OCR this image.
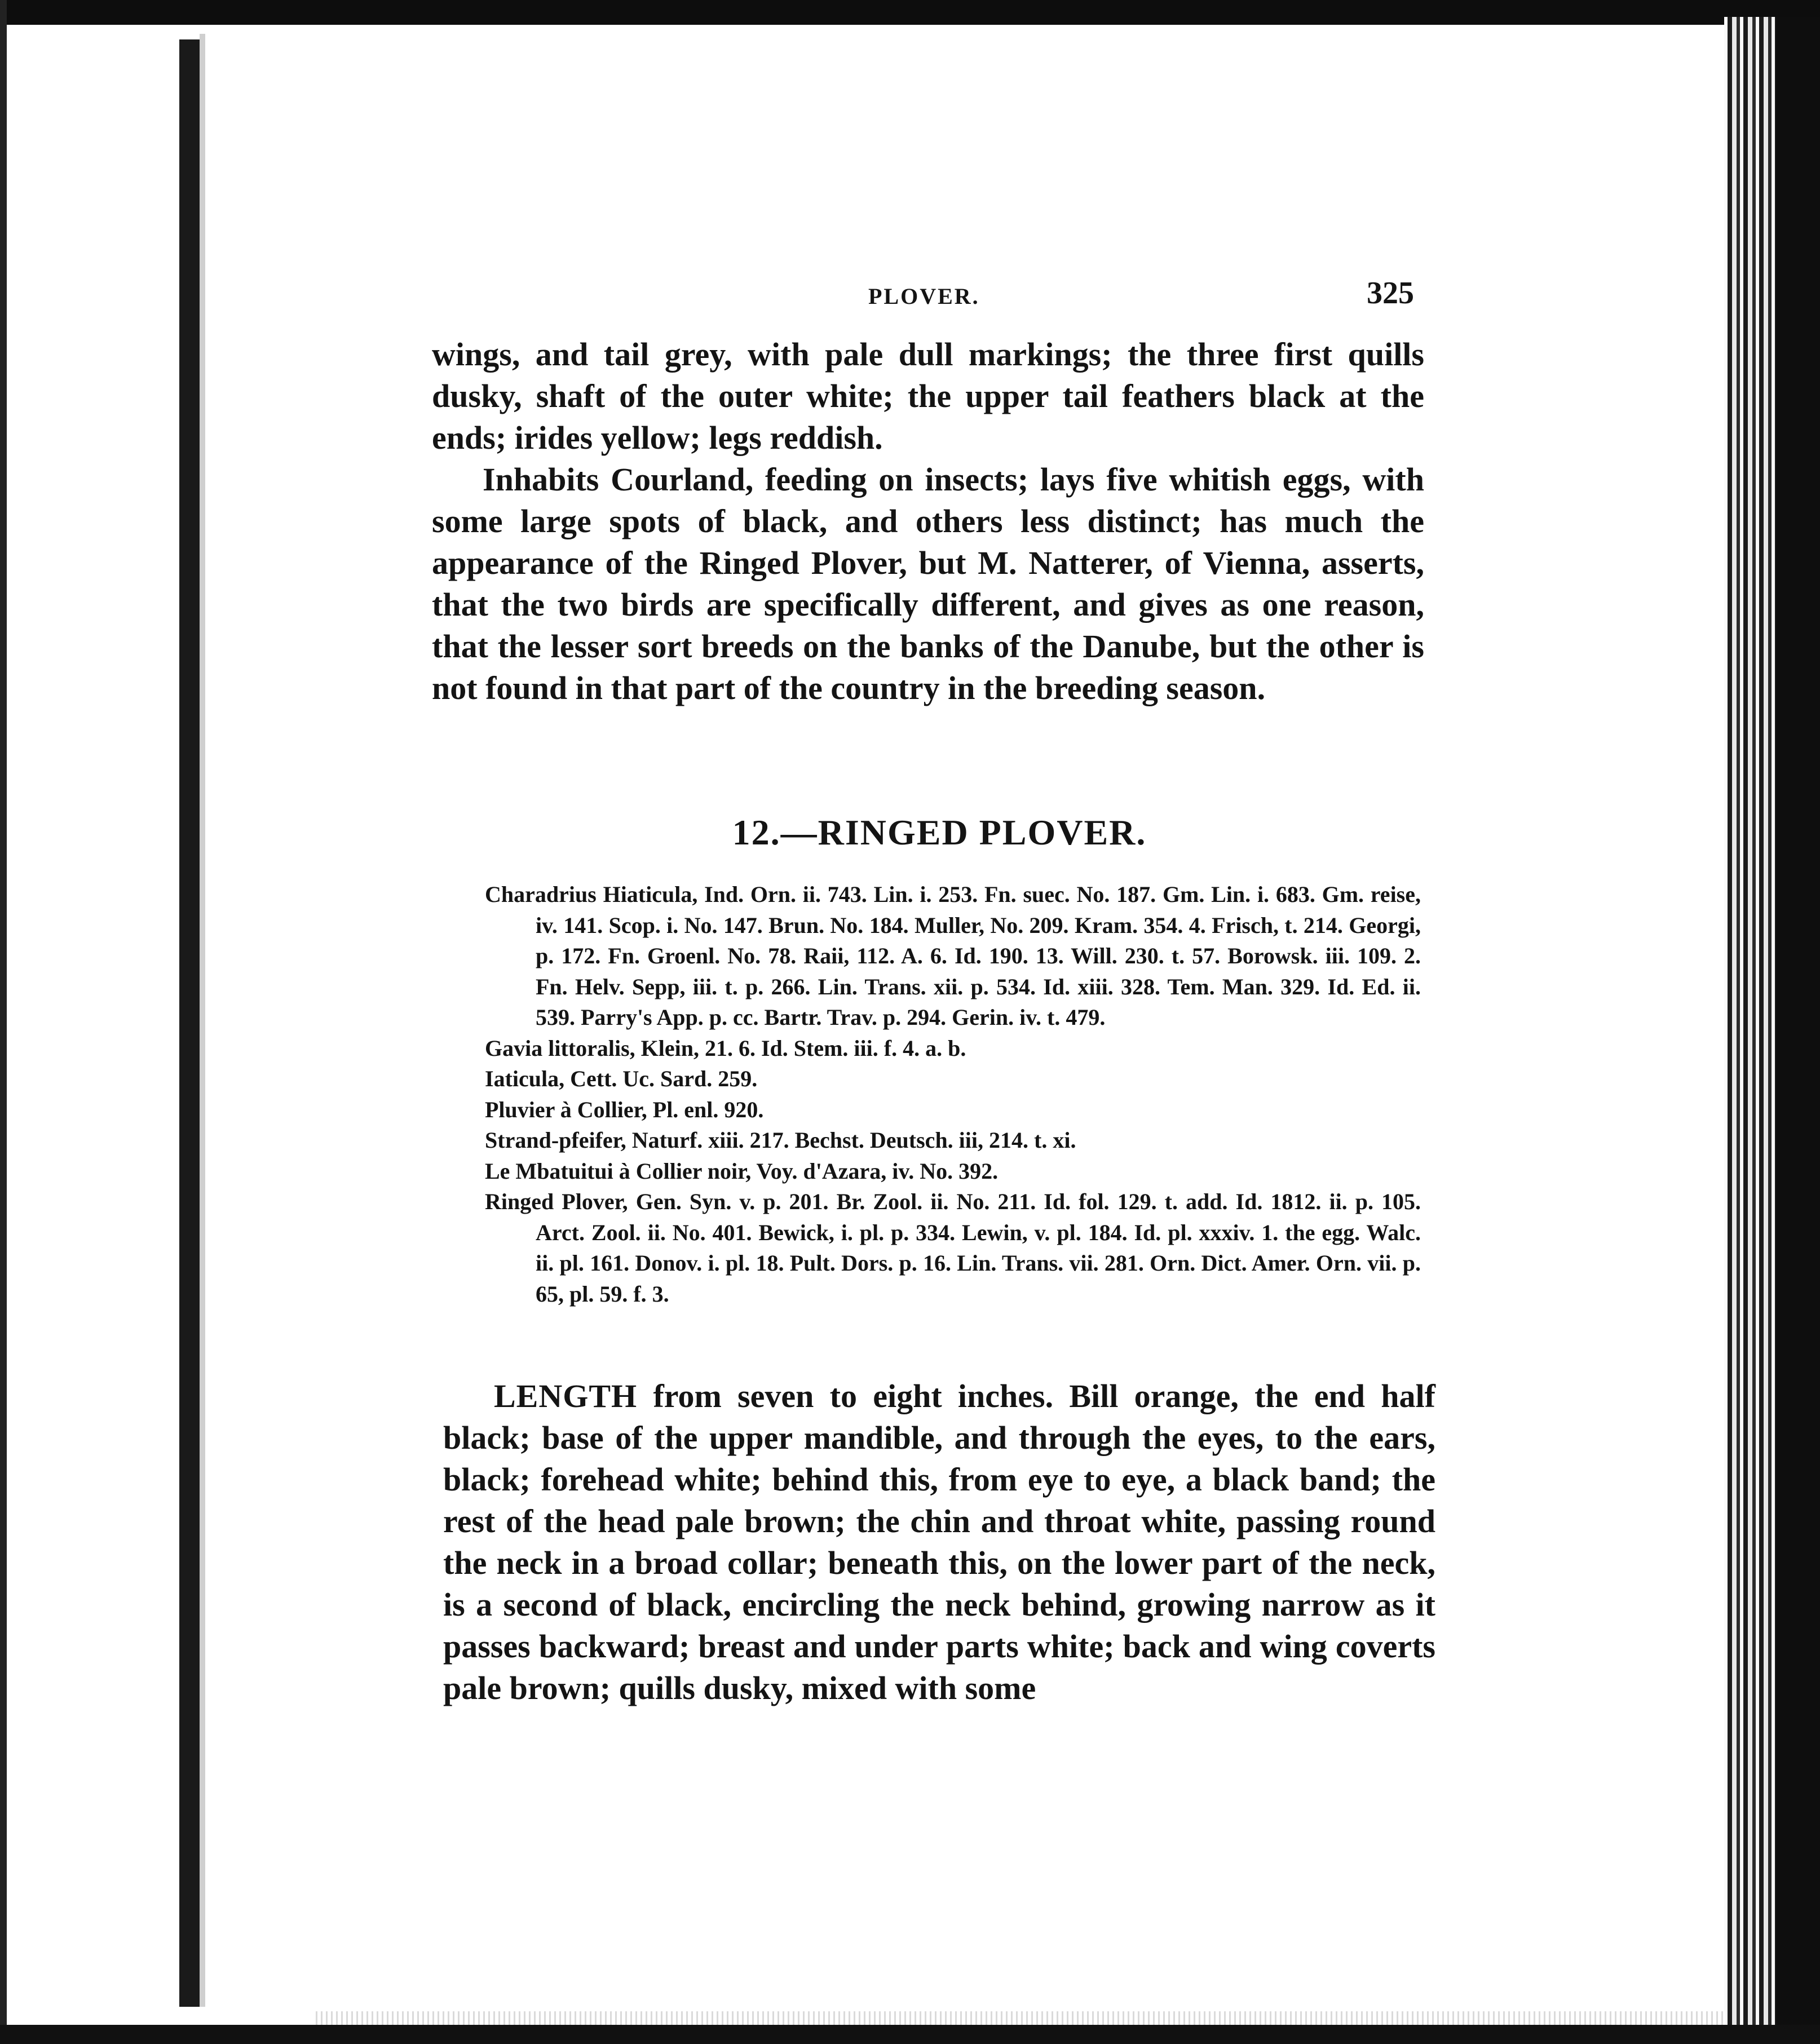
PLOVER.	325

wings, and tail grey, with pale dull markings; the three first quills dusky, shaft of the outer white; the upper tail feathers black at the ends; irides yellow; legs reddish.

Inhabits Courland, feeding on insects; lays five whitish eggs, with some large spots of black, and others less distinct; has much the appearance of the Ringed Plover, but M. Natterer, of Vienna, asserts, that the two birds are specifically different, and gives as one reason, that the lesser sort breeds on the banks of the Danube, but the other is not found in that part of the country in the breeding season.

12.—RINGED PLOVER.

Charadrius Hiaticula, Ind. Orn. ii. 743. Lin. i. 253. Fn. suec. No. 187. Gm. Lin. i. 683. Gm. reise, iv. 141. Scop. i. No. 147. Brun. No. 184. Muller, No. 209. Kram. 354. 4. Frisch, t. 214. Georgi, p. 172. Fn. Groenl. No. 78. Raii, 112. A. 6. Id. 190. 13. Will. 230. t. 57. Borowsk. iii. 109. 2. Fn. Helv. Sepp, iii. t. p. 266. Lin. Trans. xii. p. 534. Id. xiii. 328. Tem. Man. 329. Id. Ed. ii. 539. Parry's App. p. cc. Bartr. Trav. p. 294. Gerin. iv. t. 479.

Gavia littoralis, Klein, 21. 6. Id. Stem. iii. f. 4. a. b.

Iaticula, Cett. Uc. Sard. 259.

Pluvier à Collier, Pl. enl. 920.

Strand-pfeifer, Naturf. xiii. 217. Bechst. Deutsch. iii, 214. t. xi.

Le Mbatuitui à Collier noir, Voy. d'Azara, iv. No. 392.

Ringed Plover, Gen. Syn. v. p. 201. Br. Zool. ii. No. 211. Id. fol. 129. t. add. Id. 1812. ii. p. 105. Arct. Zool. ii. No. 401. Bewick, i. pl. p. 334. Lewin, v. pl. 184. Id. pl. xxxiv. 1. the egg. Walc. ii. pl. 161. Donov. i. pl. 18. Pult. Dors. p. 16. Lin. Trans. vii. 281. Orn. Dict. Amer. Orn. vii. p. 65, pl. 59. f. 3.

LENGTH from seven to eight inches. Bill orange, the end half black; base of the upper mandible, and through the eyes, to the ears, black; forehead white; behind this, from eye to eye, a black band; the rest of the head pale brown; the chin and throat white, passing round the neck in a broad collar; beneath this, on the lower part of the neck, is a second of black, encircling the neck behind, growing narrow as it passes backward; breast and under parts white; back and wing coverts pale brown; quills dusky, mixed with some
